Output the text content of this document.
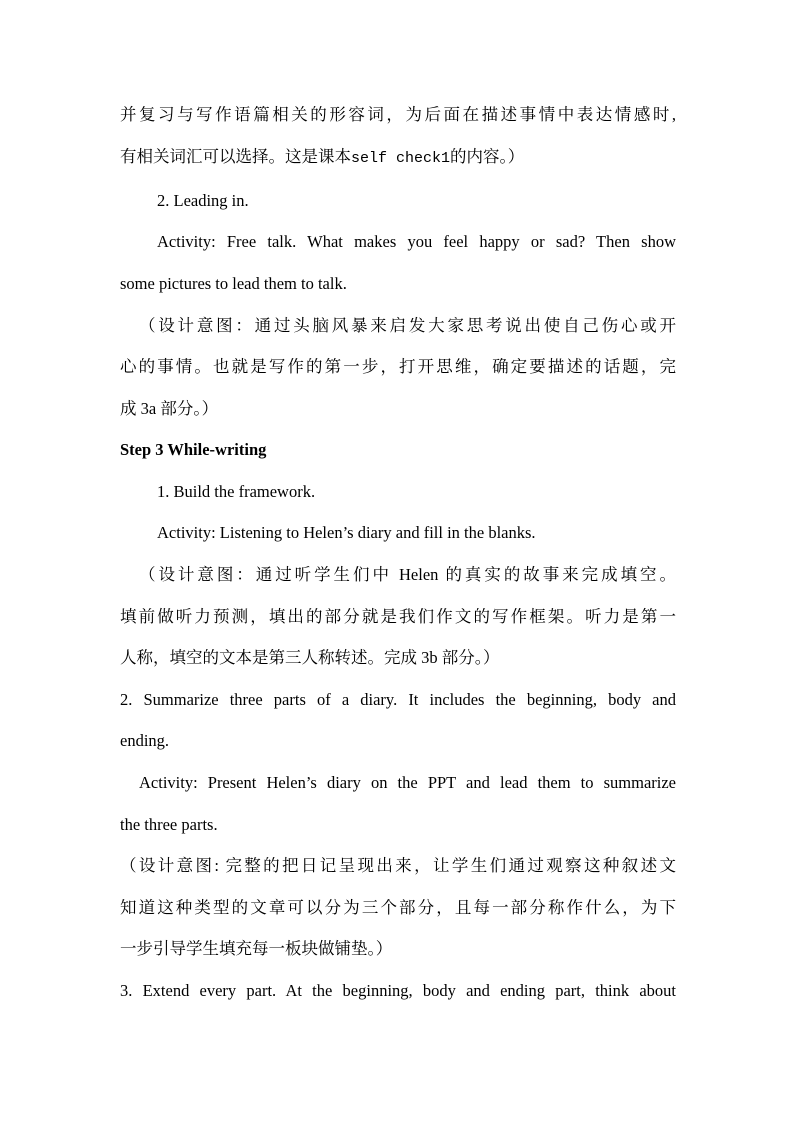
并复习与写作语篇相关的形容词，为后面在描述事情中表达情感时,
有相关词汇可以选择。这是课本self check1的内容。）
2. Leading in.
Activity: Free talk. What makes you feel happy or sad? Then show
some pictures to lead them to talk.
（设计意图：通过头脑风暴来启发大家思考说出使自己伤心或开
心的事情。也就是写作的第一步，打开思维，确定要描述的话题，完
成 3a 部分。）
Step 3 While-writing
1. Build the framework.
Activity: Listening to Helen’s diary and fill in the blanks.
（设计意图：通过听学生们中 Helen 的真实的故事来完成填空。
填前做听力预测，填出的部分就是我们作文的写作框架。听力是第一
人称，填空的文本是第三人称转述。完成 3b 部分。）
2. Summarize three parts of a diary. It includes the beginning, body and
ending.
Activity: Present Helen’s diary on the PPT and lead them to summarize
the three parts.
（设计意图: 完整的把日记呈现出来，让学生们通过观察这种叙述文
知道这种类型的文章可以分为三个部分，且每一部分称作什么，为下
一步引导学生填充每一板块做铺垫。）
3. Extend every part. At the beginning, body and ending part, think about
